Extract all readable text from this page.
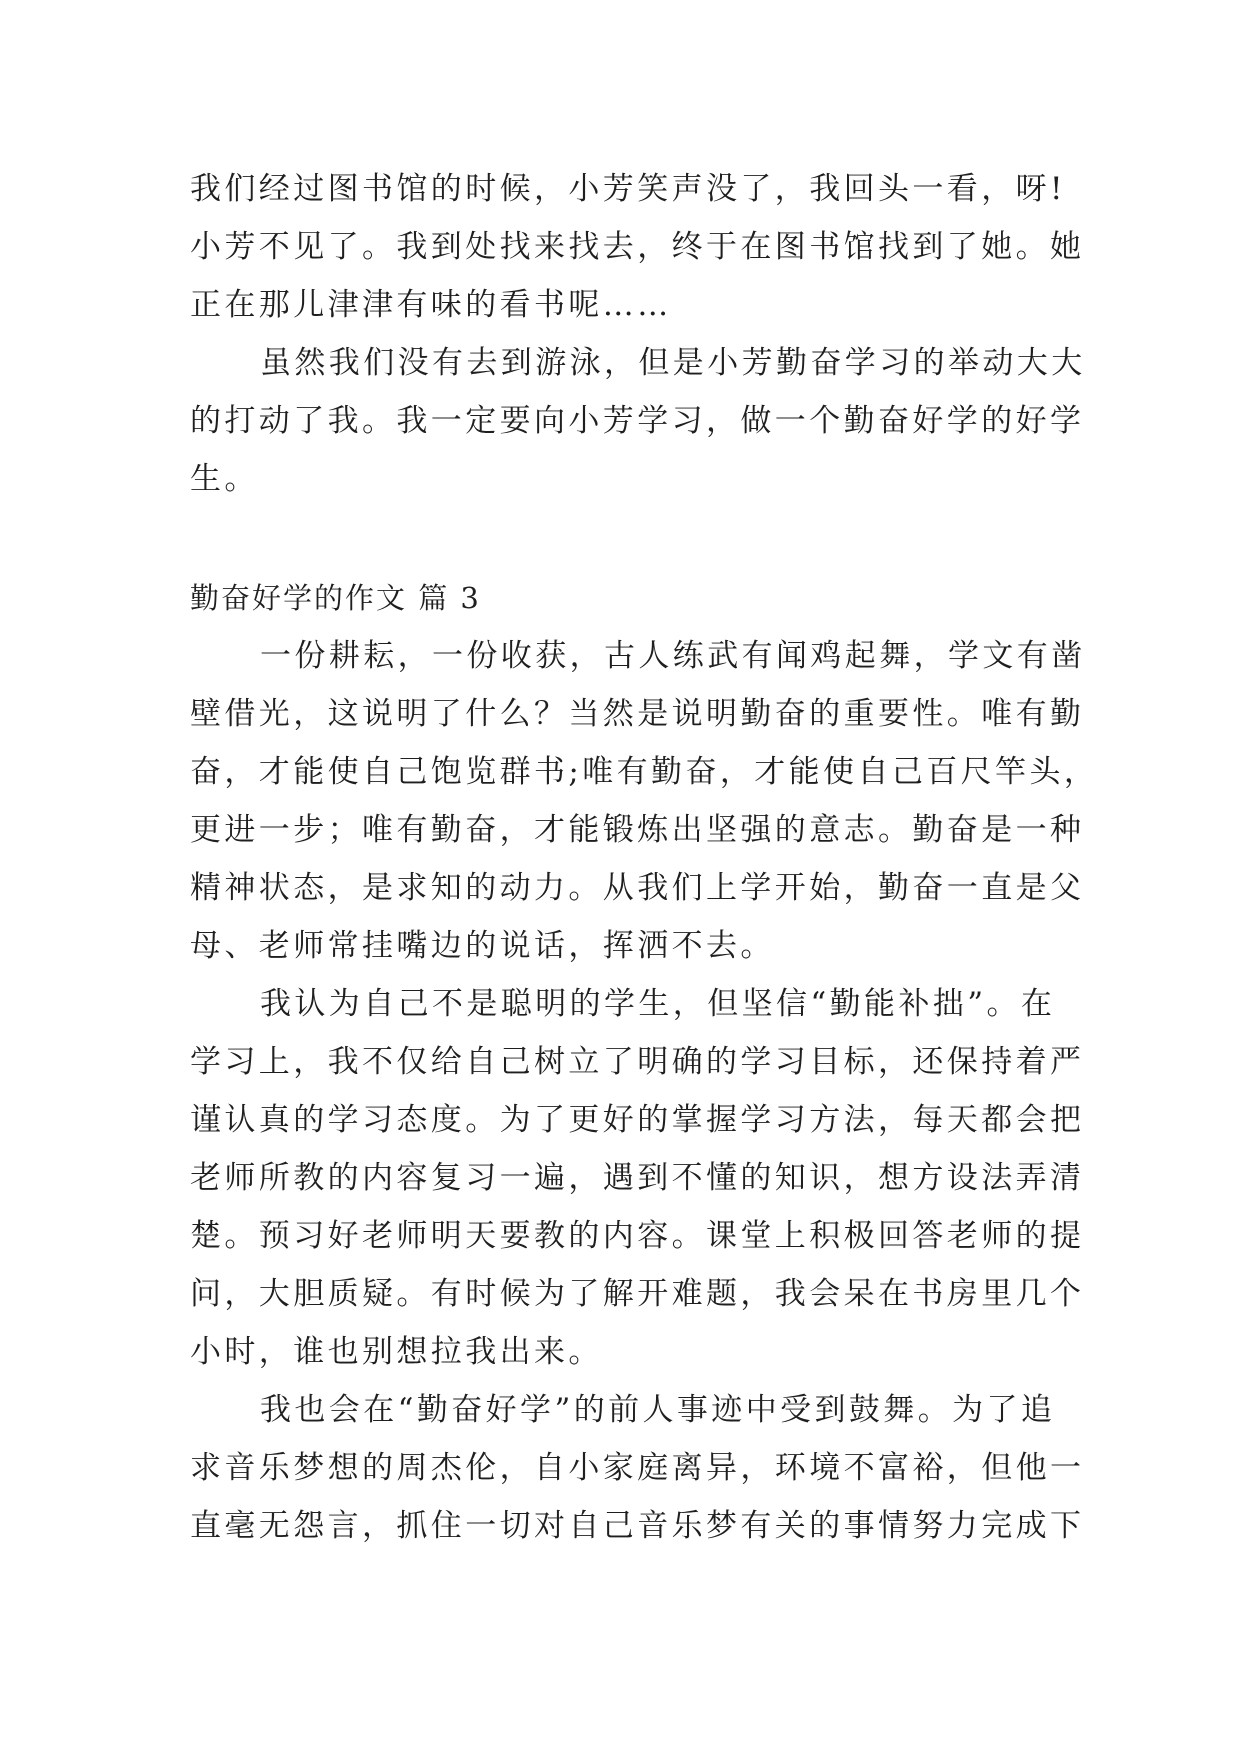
我们经过图书馆的时候，小芳笑声没了，我回头一看，呀!
小芳不见了。我到处找来找去，终于在图书馆找到了她。她
正在那儿津津有味的看书呢……
虽然我们没有去到游泳，但是小芳勤奋学习的举动大大
的打动了我。我一定要向小芳学习，做一个勤奋好学的好学
生。
勤奋好学的作文 篇 3
一份耕耘，一份收获，古人练武有闻鸡起舞，学文有凿
壁借光，这说明了什么？当然是说明勤奋的重要性。唯有勤
奋，才能使自己饱览群书;唯有勤奋，才能使自己百尺竿头，
更进一步；唯有勤奋，才能锻炼出坚强的意志。勤奋是一种
精神状态，是求知的动力。从我们上学开始，勤奋一直是父
母、老师常挂嘴边的说话，挥洒不去。
我认为自己不是聪明的学生，但坚信“勤能补拙”。在
学习上，我不仅给自己树立了明确的学习目标，还保持着严
谨认真的学习态度。为了更好的掌握学习方法，每天都会把
老师所教的内容复习一遍，遇到不懂的知识，想方设法弄清
楚。预习好老师明天要教的内容。课堂上积极回答老师的提
问，大胆质疑。有时候为了解开难题，我会呆在书房里几个
小时，谁也别想拉我出来。
我也会在“勤奋好学”的前人事迹中受到鼓舞。为了追
求音乐梦想的周杰伦，自小家庭离异，环境不富裕，但他一
直毫无怨言，抓住一切对自己音乐梦有关的事情努力完成下
